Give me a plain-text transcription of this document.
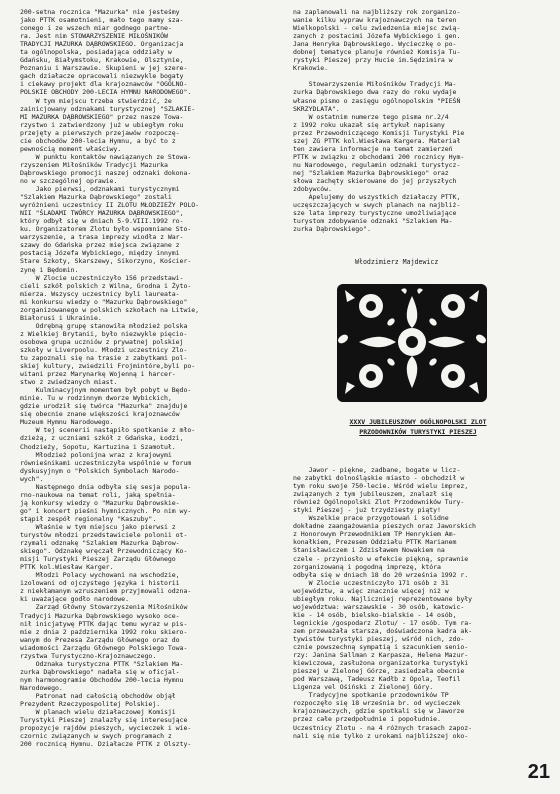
200-setna rocznica "Mazurka" nie jesteśmy
jako PTTK osamotnieni, mało tego mamy sza-
conego i ze wszech miar godnego partne-
ra. Jest nim STOWARZYSZENIE MIŁOŚNIKÓW
TRADYCJI MAZURKA DĄBROWSKIEGO. Organizacja
ta ogólnopolska, posiadająca oddziały w
Gdańsku, Białymstoku, Krakowie, Olsztynie,
Poznaniu i Warszawie. Skupieni w jej szere-
gach działacze opracowali niezwykle bogaty
i ciekawy projekt dla krajoznawców "OGÓLNO-
POLSKIE OBCHODY 200-LECIA HYMNU NARODOWEGO".
W tym miejscu trzeba stwierdzić, że
zainicjowany odznakami turystycznej "SZLAKIE-
MI MAZURKA DĄBROWSKIEGO" przez nasze Towa-
rzystwo i zatwierdzony już w ubiegłym roku
przejęty a pierwszych przejawów rozpoczę-
cie obchodów 200-lecia Hymnu, a być to z
pewnością moment właściwy.
W punktu kontaktów nawiązanych ze Stowa-
rzyszeniem Miłośników Tradycji Mazurka
Dąbrowskiego promocji naszej odznaki dokona-
no w szczególnej oprawie.
Jako pierwsi, odznakami turystycznymi
"Szlakiem Mazurka Dąbrowskiego" zostali
wyróżnieni uczestnicy II ZLOTU MŁODZIEŻY POLO-
NII "ŚLADAMI TWÓRCY MAZURKA DĄBROWSKIEGO",
który odbył się w dniach 5-9.VIII.1992 ro-
ku. Organizatorem Zlotu było wspomniane Sto-
warzyszenie, a trasa imprezy wiodła z War-
szawy do Gdańska przez miejsca związane z
postacią Józefa Wybickiego, między innymi
Stare Szkoty, Skarszewy, Sikorzyno, Kościer-
zynę i Będomin.
W Zlocie uczestniczyło 156 przedstawi-
cieli szkół polskich z Wilna, Grodna i Żyto-
mierza. Wszyscy uczestnicy byli laureata-
mi konkursu wiedzy o "Mazurku Dąbrowskiego"
zorganizowanego w polskich szkołach na Litwie,
Białorusi i Ukrainie.
Odrębną grupę stanowiła młodzież polska
z Wielkiej Brytanii, było niezwykle pięcio-
osobowa grupa uczniów z prywatnej polskiej
szkoły w Liverpoolu. Młodzi uczestnicy Zlo-
tu zapoznali się na trasie z zabytkami pol-
skiej kultury, zwiedzili Frojmintóre,byli po-
witani przez Marynarkę Wojenną i harcer-
stwo z zwiedzanych miast.
Kulminacyjnym momentem był pobyt w Będo-
minie. Tu w rodzinnym dworze Wybickich,
gdzie urodził się twórca "Mazurka" znajduje
się obecnie znane większości krajoznawców
Muzeum Hymnu Narodowego.
W tej scenerii nastąpiło spotkanie z mło-
dzieżą, z uczniami szkół z Gdańska, Łodzi,
Chodzieży, Sopotu, Kartuzina i Szamotuł.
Młodzież polonijna wraz z krajowymi
równieśnikami uczestniczyła wspólnie w forum
dyskusyjnym o "Polskich Symbolach Narodo-
wych".
Następnego dnia odbyła się sesja popula-
rno-naukowa na temat roli, jaką spełnia-
ją konkursy wiedzy o "Mazurku Dąbrowskie-
go" i koncert pieśni hymnicznych. Po nim wy-
stąpił zespół regionalny "Kaszuby".
Właśnie w tym miejscu jako pierwsi z
turystów młodzi przedstawiciele polonii ot-
rzymali odznakę "Szlakiem Mazurka Dąbrow-
skiego". Odznakę wręczał Przewodniczący Ko-
misji Turystyki Pieszej Zarządu Głównego
PTTK kol.Wiesław Karger.
Młodzi Polacy wychowani na wschodzie,
izolowani od ojczystego języka i historii
z niekłamanym wzruszeniem przyjmowali odzna-
ki uważające godło narodowe.
Zarząd Główny Stowarzyszenia Miłośników
Tradycji Mazurka Dąbrowskiego wysoko oce-
nił inicjatywę PTTK dając temu wyraz w pis-
mie z dnia 2 października 1992 roku skiero-
wanym do Prezesa Zarządu Głównego oraz do
wiadomości Zarządu Głównego Polskiego Towa-
rzystwa Turystyczno-Krajoznawczego.
Odznaka turystyczna PTTK "Szlakiem Ma-
zurka Dąbrowskiego" nadała się w oficjal-
nym harmonogramie Obchodów 200-lecia Hymnu
Narodowego.
Patronat nad całością obchodów objął
Prezydent Rzeczypospolitej Polskiej.
W planach wielu działaczowej Komisji
Turystyki Pieszej znalazły się interesujące
propozycje rajdów pieszych, wycieczek i wie-
czornic związanych w swych programach z
200 rocznicą Hymnu. Działacze PTTK z Olszty-
na zaplanowali na najbliższy rok zorganizo-
wanie kilku wypraw krajoznawczych na teren
Wielkopolski - celu zwiedzenia miejsc zwią-
zanych z postacimi Józefa Wybickiego i gen.
Jana Henryka Dąbrowskiego. Wycieczkę o po-
dobnej tematyce planuje również Komisja Tu-
rystyki Pieszej przy Hucie im.Sędzimira w
Krakowie.
Stowarzyszenie Miłośników Tradycji Ma-
zurka Dąbrowskiego dwa razy do roku wydaje
własne pismo o zasięgu ogólnopolskim "PIEŚŃ
SKRZYDLATA".
W ostatnim numerze tego pisma nr.2/4
z 1992 roku ukazał się artykuł napisany
przez Przewodniczącego Komisji Turystyki Pie
szej ZG PTTK kol.Wiesława Kargera. Materiał
ten zawiera informacje na temat zamierzeń
PTTK w związku z obchodami 200 rocznicy Hym-
nu Narodowego, regulamin odznaki turystycz-
nej "Szlakiem Mazurka Dąbrowskiego" oraz
słowa zachęty skierowane do jej przyszłych
zdobywców.
Apelujemy do wszystkich działaczy PTTK,
uczęszczających w swych planach na najbliż-
sze lata imprezy turystyczne umożliwiające
turystom zdobywanie odznaki "Szlakiem Ma-
zurka Dąbrowskiego".
Włodzimierz Majdewicz
XXXV JUBILEUSZOWY OGÓLNOPOLSKI ZLOT
PRZODOWNIKÓW TURYSTYKI PIESZEJ
Jawor - piękne, zadbane, bogate w licz-
ne zabytki dolnośląskie miasto - obchodził w
tym roku swoje 750-lecie. Wśród wielu imprez,
związanych z tym jubileuszem, znalazł się
również Ogólnopolski Zlot Przodowników Tury-
styki Pieszej - już trzydziesty piąty!
Wszelkie prace przygotowań i solidne
dokładne zaangażowania pieszych oraz Jaworskich
z Honorowym Przewodnikiem TP Henrykiem Am-
konałkiem, Prezesem Oddziału PTTK Marianem
Stanisławiczem i Zdzisławem Nowakiem na
czele - przyniosło w efekcie piękną, sprawnie
zorganizowaną i pogodną imprezę, która
odbyła się w dniach 18 do 20 września 1992 r.
W Zlocie uczestniczyło 171 osób z 31
województw, a więc znacznie więcej niż w
ubiegłym roku. Najliczniej reprezentowane były
województwa: warszawskie - 30 osób, katowic-
kie - 14 osób, bielsko-bialskie - 14 osób,
legnickie /gospodarz Zlotu/ - 17 osób. Tym ra-
zem przeważała starsza, doświadczona kadra ak-
tywistów turystyki pieszej, wśród nich, zdo-
cznie powszechną sympatią i szacunkiem senio-
rzy: Janina Sallman z Karpasza, Helena Mazur-
kiewiczowa, zasłużona organizatorka turystyki
pieszej w Zielonej Górze, zasiedzała obecnie
pod Warszawą, Tadeusz Kadłb z Opola, Teofil
Ligenza vel Ośiński z Zielonej Góry.
Tradycyjne spotkanie przodowników TP
rozpoczęło się 18 września br. od wycieczek
krajoznawczych, gdzie spotkali się w Jaworze
przez całe przedpołudnie i popołudnie.
Uczestnicy Zlotu - na 4 różnych trasach zapoz-
nali się nie tylko z urokami najbliższej oko-
21
